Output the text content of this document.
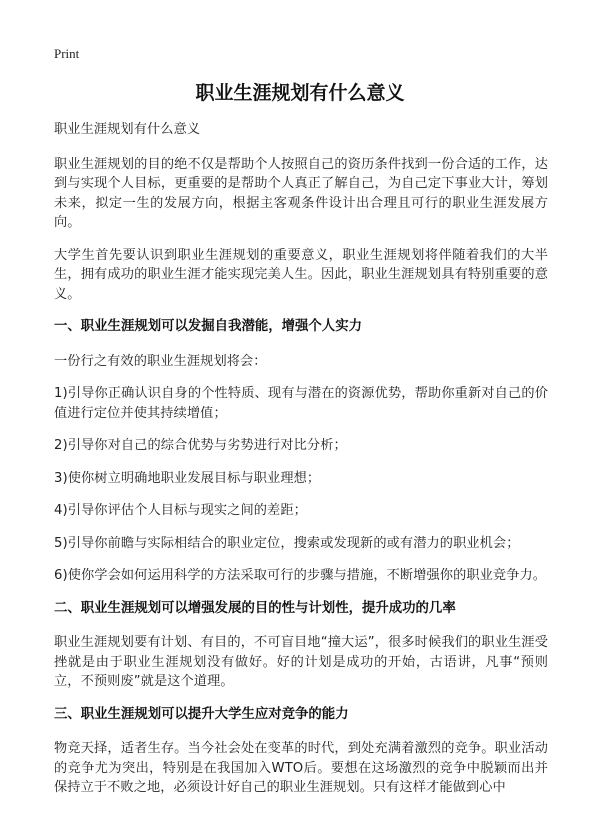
Print
职业生涯规划有什么意义

职业生涯规划有什么意义

职业生涯规划的目的绝不仅是帮助个人按照自己的资历条件找到一份合适的工作，达到与实现个人目标，更重要的是帮助个人真正了解自己，为自己定下事业大计，筹划未来，拟定一生的发展方向，根据主客观条件设计出合理且可行的职业生涯发展方向。

大学生首先要认识到职业生涯规划的重要意义，职业生涯规划将伴随着我们的大半生，拥有成功的职业生涯才能实现完美人生。因此，职业生涯规划具有特别重要的意义。

一、职业生涯规划可以发掘自我潜能，增强个人实力

一份行之有效的职业生涯规划将会：

1)引导你正确认识自身的个性特质、现有与潜在的资源优势，帮助你重新对自己的价值进行定位并使其持续增值；

2)引导你对自己的综合优势与劣势进行对比分析；

3)使你树立明确地职业发展目标与职业理想；

4)引导你评估个人目标与现实之间的差距；

5)引导你前瞻与实际相结合的职业定位，搜索或发现新的或有潜力的职业机会；

6)使你学会如何运用科学的方法采取可行的步骤与措施，不断增强你的职业竞争力。

二、职业生涯规划可以增强发展的目的性与计划性，提升成功的几率

职业生涯规划要有计划、有目的，不可盲目地“撞大运”，很多时候我们的职业生涯受挫就是由于职业生涯规划没有做好。好的计划是成功的开始，古语讲，凡事“预则立，不预则废”就是这个道理。

三、职业生涯规划可以提升大学生应对竞争的能力

物竞天择，适者生存。当今社会处在变革的时代，到处充满着激烈的竞争。职业活动的竞争尤为突出，特别是在我国加入WTO后。要想在这场激烈的竞争中脱颖而出并保持立于不败之地，必须设计好自己的职业生涯规划。只有这样才能做到心中
